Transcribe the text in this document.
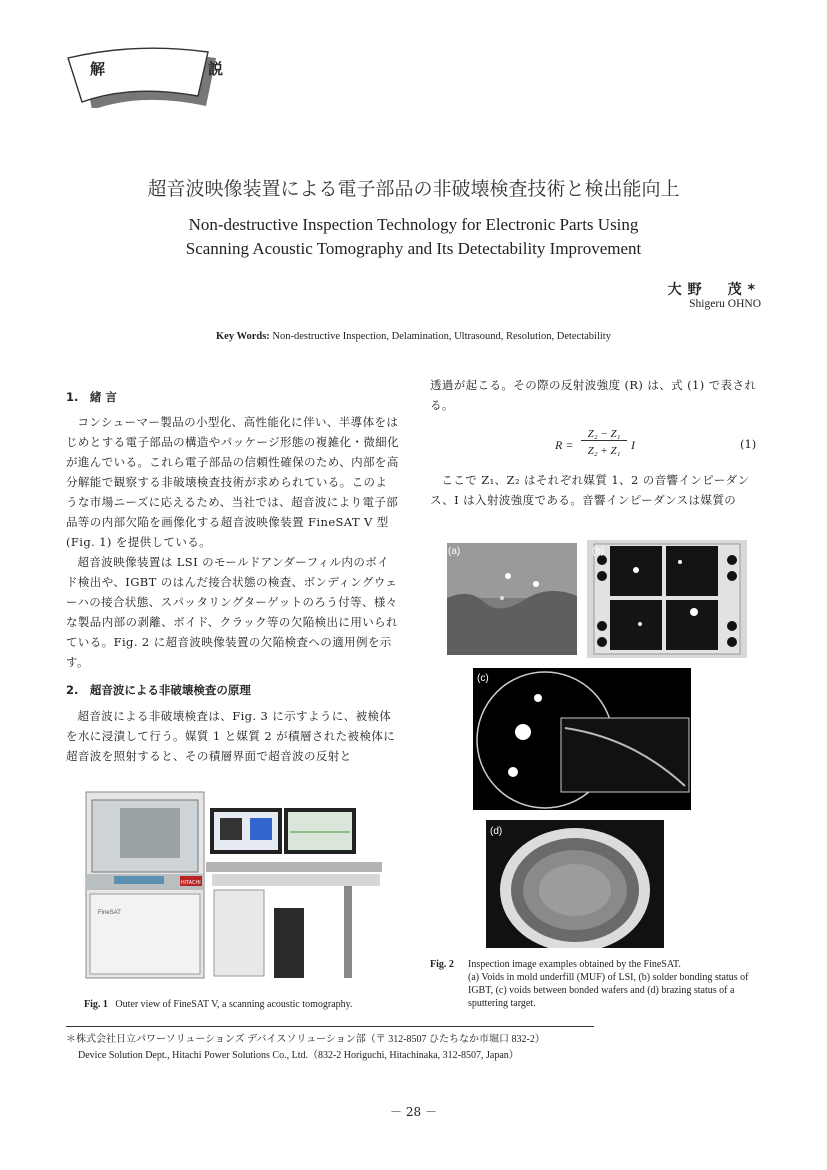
解　説
超音波映像装置による電子部品の非破壊検査技術と検出能向上
Non-destructive Inspection Technology for Electronic Parts Using
Scanning Acoustic Tomography and Its Detectability Improvement
大野　茂*
Shigeru OHNO
Key Words: Non-destructive Inspection, Delamination, Ultrasound, Resolution, Detectability
1.　緒 言

コンシューマー製品の小型化、高性能化に伴い、半導体をはじめとする電子部品の構造やパッケージ形態の複雑化・微細化が進んでいる。これら電子部品の信頼性確保のため、内部を高分解能で観察する非破壊検査技術が求められている。このような市場ニーズに応えるため、当社では、超音波により電子部品等の内部欠陥を画像化する超音波映像装置 FineSAT V 型 (Fig. 1) を提供している。

超音波映像装置は LSI のモールドアンダーフィル内のボイド検出や、IGBT のはんだ接合状態の検査、ボンディングウェーハの接合状態、スパッタリングターゲットのろう付等、様々な製品内部の剥離、ボイド、クラック等の欠陥検出に用いられている。Fig. 2 に超音波映像装置の欠陥検査への適用例を示す。

2.　超音波による非破壊検査の原理

超音波による非破壊検査は、Fig. 3 に示すように、被検体を水に浸漬して行う。媒質 1 と媒質 2 が積層された被検体に超音波を照射すると、その積層界面で超音波の反射と

HITACHI
FineSAT
Fig. 1 Outer view of FineSAT V, a scanning acoustic tomography.

透過が起こる。その際の反射波強度 (R) は、式 (1) で表される。

R =
Z₂ − Z₁
Z₂ + Z₁ I	(1)

ここで Z₁、Z₂ はそれぞれ媒質 1、2 の音響インピーダンス、I は入射波強度である。音響インピーダンスは媒質の

(a)	(b)
(c)
(d)
Fig. 2 Inspection image examples obtained by the FineSAT.
(a) Voids in mold underfill (MUF) of LSI, (b) solder bonding status of IGBT, (c) voids between bonded wafers and (d) brazing status of a sputtering target.
＊株式会社日立パワーソリューションズ デバイスソリューション部（〒 312-8507 ひたちなか市堀口 832-2）
Device Solution Dept., Hitachi Power Solutions Co., Ltd.（832-2 Horiguchi, Hitachinaka, 312-8507, Japan）
－ 28 －
